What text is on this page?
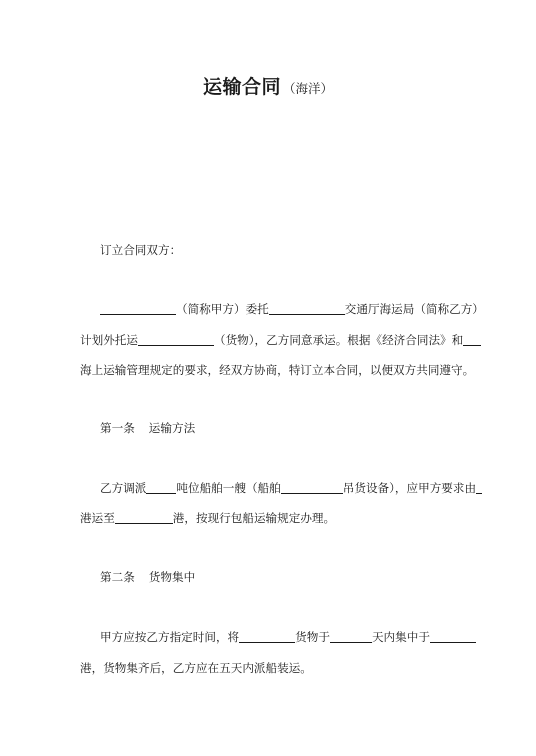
运输合同 （海洋）
订立合同双方：
（简称甲方）委托	交通厅海运局（简称乙方）
计划外托运	（货物），乙方同意承运。根据《经济合同法》和
海上运输管理规定的要求，经双方协商，特订立本合同，以便双方共同遵守。
第一条 运输方法
乙方调派	吨位船舶一艘（船舶	吊货设备），应甲方要求由
港运至	港，按现行包船运输规定办理。
第二条 货物集中
甲方应按乙方指定时间，将	货物于	天内集中于
港，货物集齐后，乙方应在五天内派船装运。
